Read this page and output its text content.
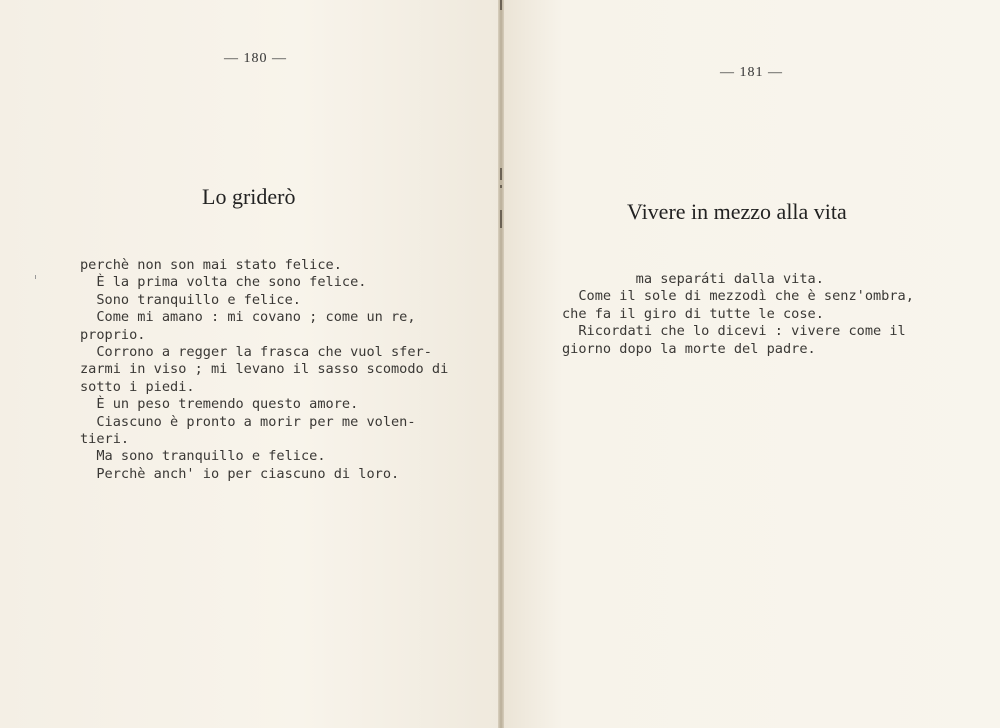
— 180 —
Lo griderò
perchè non son mai stato felice.
È la prima volta che sono felice.
Sono tranquillo e felice.
Come mi amano : mi covano ; come un re,
proprio.
Corrono a regger la frasca che vuol sfer-
zarmi in viso ; mi levano il sasso scomodo di
sotto i piedi.
È un peso tremendo questo amore.
Ciascuno è pronto a morir per me volen-
tieri.
Ma sono tranquillo e felice.
Perchè anch' io per ciascuno di loro.
— 181 —
Vivere in mezzo alla vita
ma separáti dalla vita.
Come il sole di mezzodì che è senz'ombra,
che fa il giro di tutte le cose.
Ricordati che lo dicevi : vivere come il
giorno dopo la morte del padre.
